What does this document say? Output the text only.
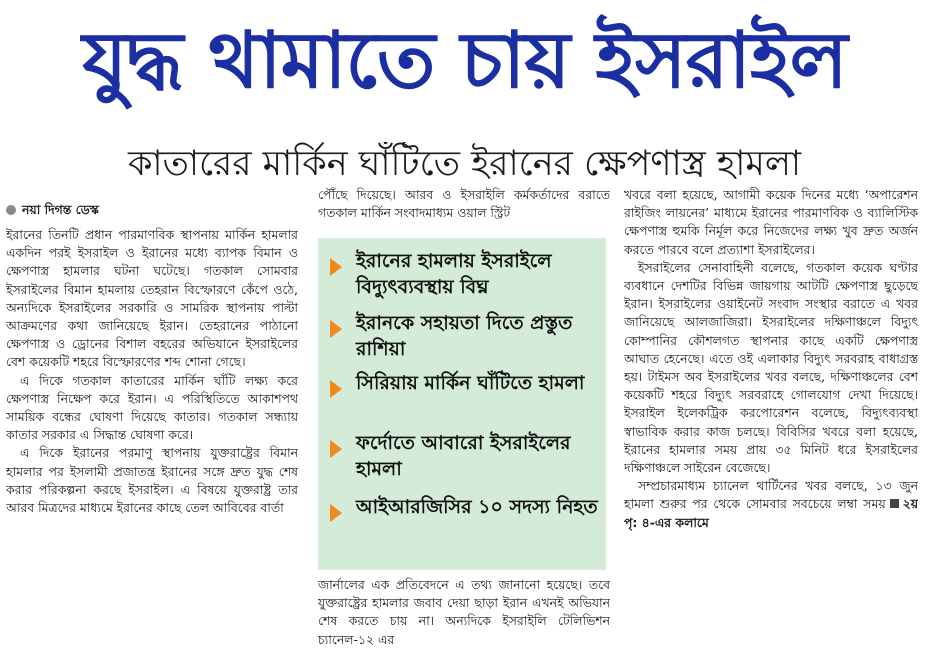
যুদ্ধ থামাতে চায় ইসরাইল
কাতারের মার্কিন ঘাঁটিতে ইরানের ক্ষেপণাস্ত্র হামলা
নয়া দিগন্ত ডেস্ক

ইরানের তিনটি প্রধান পারমাণবিক স্থাপনায় মার্কিন হামলার একদিন পরই ইসরাইল ও ইরানের মধ্যে ব্যাপক বিমান ও ক্ষেপণাস্ত্র হামলার ঘটনা ঘটেছে। গতকাল সোমবার ইসরাইলের বিমান হামলায় তেহরান বিস্ফোরণে কেঁপে ওঠে, অন্যদিকে ইসরাইলের সরকারি ও সামরিক স্থাপনায় পাল্টা আক্রমণের কথা জানিয়েছে ইরান। তেহরানের পাঠানো ক্ষেপণাস্ত্র ও ড্রোনের বিশাল বহরের অভিযানে ইসরাইলের বেশ কয়েকটি শহরে বিস্ফোরণের শব্দ শোনা গেছে।

এ দিকে গতকাল কাতারের মার্কিন ঘাঁটি লক্ষ্য করে ক্ষেপণাস্ত্র নিক্ষেপ করে ইরান। এ পরিস্থিতিতে আকাশপথ সাময়িক বন্ধের ঘোষণা দিয়েছে কাতার। গতকাল সন্ধ্যায় কাতার সরকার এ সিদ্ধান্ত ঘোষণা করে।

এ দিকে ইরানের পরমাণু স্থাপনায় যুক্তরাষ্ট্রের বিমান হামলার পর ইসলামী প্রজাতন্ত্র ইরানের সঙ্গে দ্রুত যুদ্ধ শেষ করার পরিকল্পনা করছে ইসরাইল। এ বিষয়ে যুক্তরাষ্ট্র তার আরব মিত্রদের মাধ্যমে ইরানের কাছে তেল আবিবের বার্তা

পৌঁছে দিয়েছে। আরব ও ইসরাইলি কর্মকর্তাদের বরাতে গতকাল মার্কিন সংবাদমাধ্যম ওয়াল স্ট্রিট

ইরানের হামলায় ইসরাইলে বিদ্যুৎব্যবস্থায় বিঘ্ন
ইরানকে সহায়তা দিতে প্রস্তুত রাশিয়া
সিরিয়ায় মার্কিন ঘাঁটিতে হামলা
ফর্দোতে আবারো ইসরাইলের হামলা
আইআরজিসির ১০ সদস্য নিহত

জার্নালের এক প্রতিবেদনে এ তথ্য জানানো হয়েছে। তবে যুক্তরাষ্ট্রের হামলার জবাব দেয়া ছাড়া ইরান এখনই অভিযান শেষ করতে চায় না। অন্যদিকে ইসরাইলি টেলিভিশন চ্যানেল-১২ এর

খবরে বলা হয়েছে, আগামী কয়েক দিনের মধ্যে ‘অপারেশন রাইজিং লায়নের’ মাধ্যমে ইরানের পারমাণবিক ও ব্যালিস্টিক ক্ষেপণাস্ত্র হুমকি নির্মূল করে নিজেদের লক্ষ্য খুব দ্রুত অর্জন করতে পারবে বলে প্রত্যাশা ইসরাইলের।

ইসরাইলের সেনাবাহিনী বলেছে, গতকাল কয়েক ঘণ্টার ব্যবধানে দেশটির বিভিন্ন জায়গায় আটটি ক্ষেপণাস্ত্র ছুড়েছে ইরান। ইসরাইলের ওয়াইনেট সংবাদ সংস্থার বরাতে এ খবর জানিয়েছে আলজাজিরা। ইসরাইলের দক্ষিণাঞ্চলে বিদ্যুৎ কোম্পানির কৌশলগত স্থাপনার কাছে একটি ক্ষেপণাস্ত্র আঘাত হেনেছে। এতে ওই এলাকার বিদ্যুৎ সরবরাহ বাধাগ্রস্ত হয়। টাইমস অব ইসরাইলের খবর বলছে, দক্ষিণাঞ্চলের বেশ কয়েকটি শহরে বিদ্যুৎ সরবরাহে গোলযোগ দেখা দিয়েছে। ইসরাইল ইলেকট্রিক করপোরেশন বলেছে, বিদ্যুৎব্যবস্থা স্বাভাবিক করার কাজ চলছে। বিবিসির খবরে বলা হয়েছে, ইরানের হামলার সময় প্রায় ৩৫ মিনিট ধরে ইসরাইলের দক্ষিণাঞ্চলে সাইরেন বেজেছে।

সম্প্রচারমাধ্যম চ্যানেল থার্টিনের খবর বলছে, ১৩ জুন হামলা শুরুর পর থেকে সোমবার সবচেয়ে লম্বা সময় ২য় পৃ: ৪-এর কলামে
